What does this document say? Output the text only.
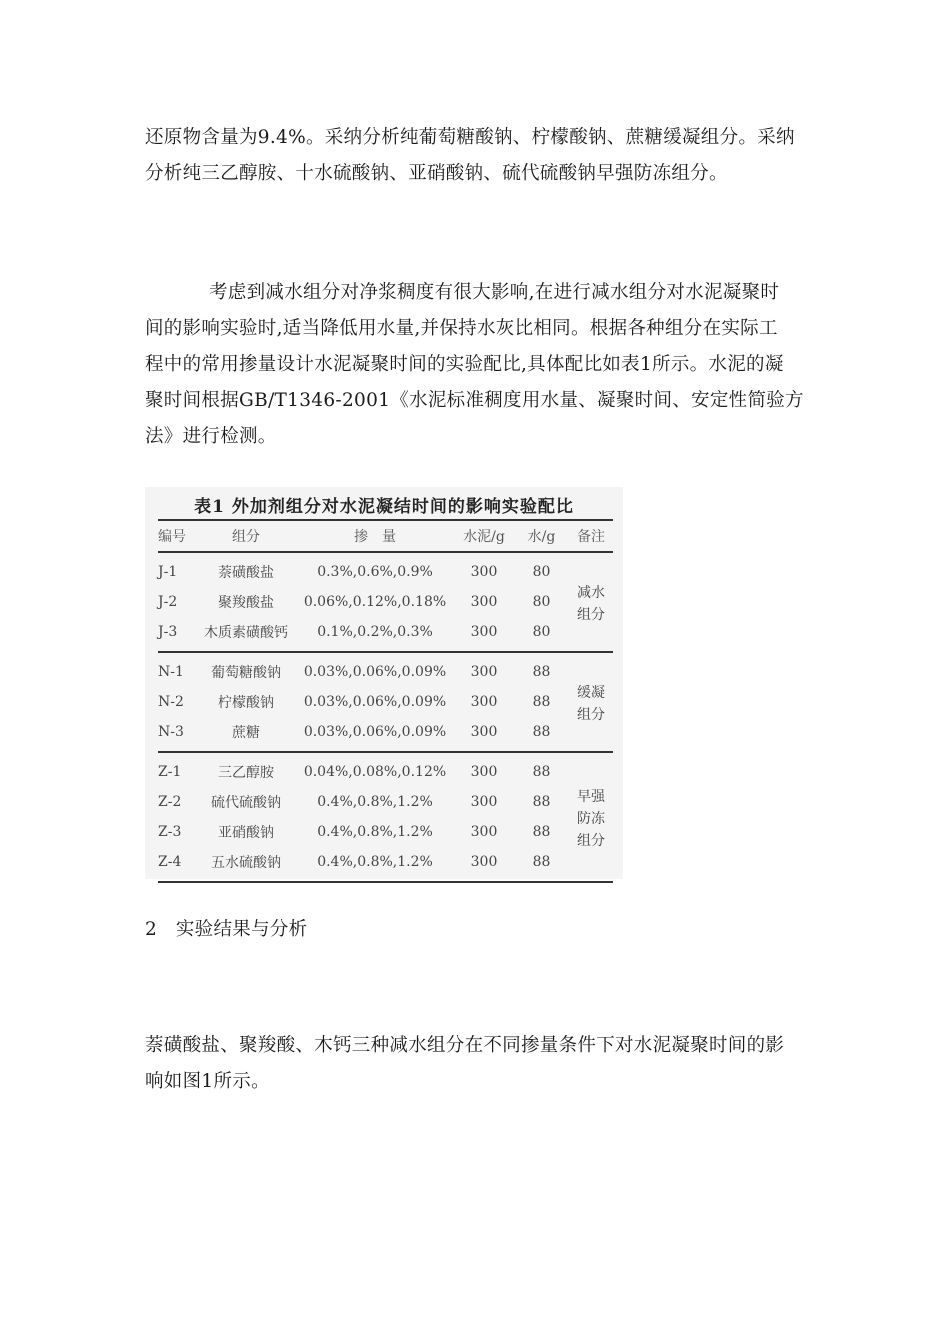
还原物含量为9.4%。采纳分析纯葡萄糖酸钠、柠檬酸钠、蔗糖缓凝组分。采纳
分析纯三乙醇胺、十水硫酸钠、亚硝酸钠、硫代硫酸钠早强防冻组分。

考虑到减水组分对净浆稠度有很大影响,在进行减水组分对水泥凝聚时
间的影响实验时,适当降低用水量,并保持水灰比相同。根据各种组分在实际工
程中的常用掺量设计水泥凝聚时间的实验配比,具体配比如表1所示。水泥的凝
聚时间根据GB/T1346-2001《水泥标准稠度用水量、凝聚时间、安定性简验方
法》进行检测。

表1 外加剂组分对水泥凝结时间的影响实验配比
编号	组分	掺　量	水泥/g	水/g	备注
J-1	萘磺酸盐	0.3%,0.6%,0.9%	300	80	减水
组分
J-2	聚羧酸盐	0.06%,0.12%,0.18%	300	80	
J-3	木质素磺酸钙	0.1%,0.2%,0.3%	300	80	
N-1	葡萄糖酸钠	0.03%,0.06%,0.09%	300	88	缓凝
组分
N-2	柠檬酸钠	0.03%,0.06%,0.09%	300	88	
N-3	蔗糖	0.03%,0.06%,0.09%	300	88	
Z-1	三乙醇胺	0.04%,0.08%,0.12%	300	88	早强
防冻
组分
Z-2	硫代硫酸钠	0.4%,0.8%,1.2%	300	88	
Z-3	亚硝酸钠	0.4%,0.8%,1.2%	300	88	
Z-4	五水硫酸钠	0.4%,0.8%,1.2%	300	88	

2　实验结果与分析

萘磺酸盐、聚羧酸、木钙三种减水组分在不同掺量条件下对水泥凝聚时间的影
响如图1所示。
